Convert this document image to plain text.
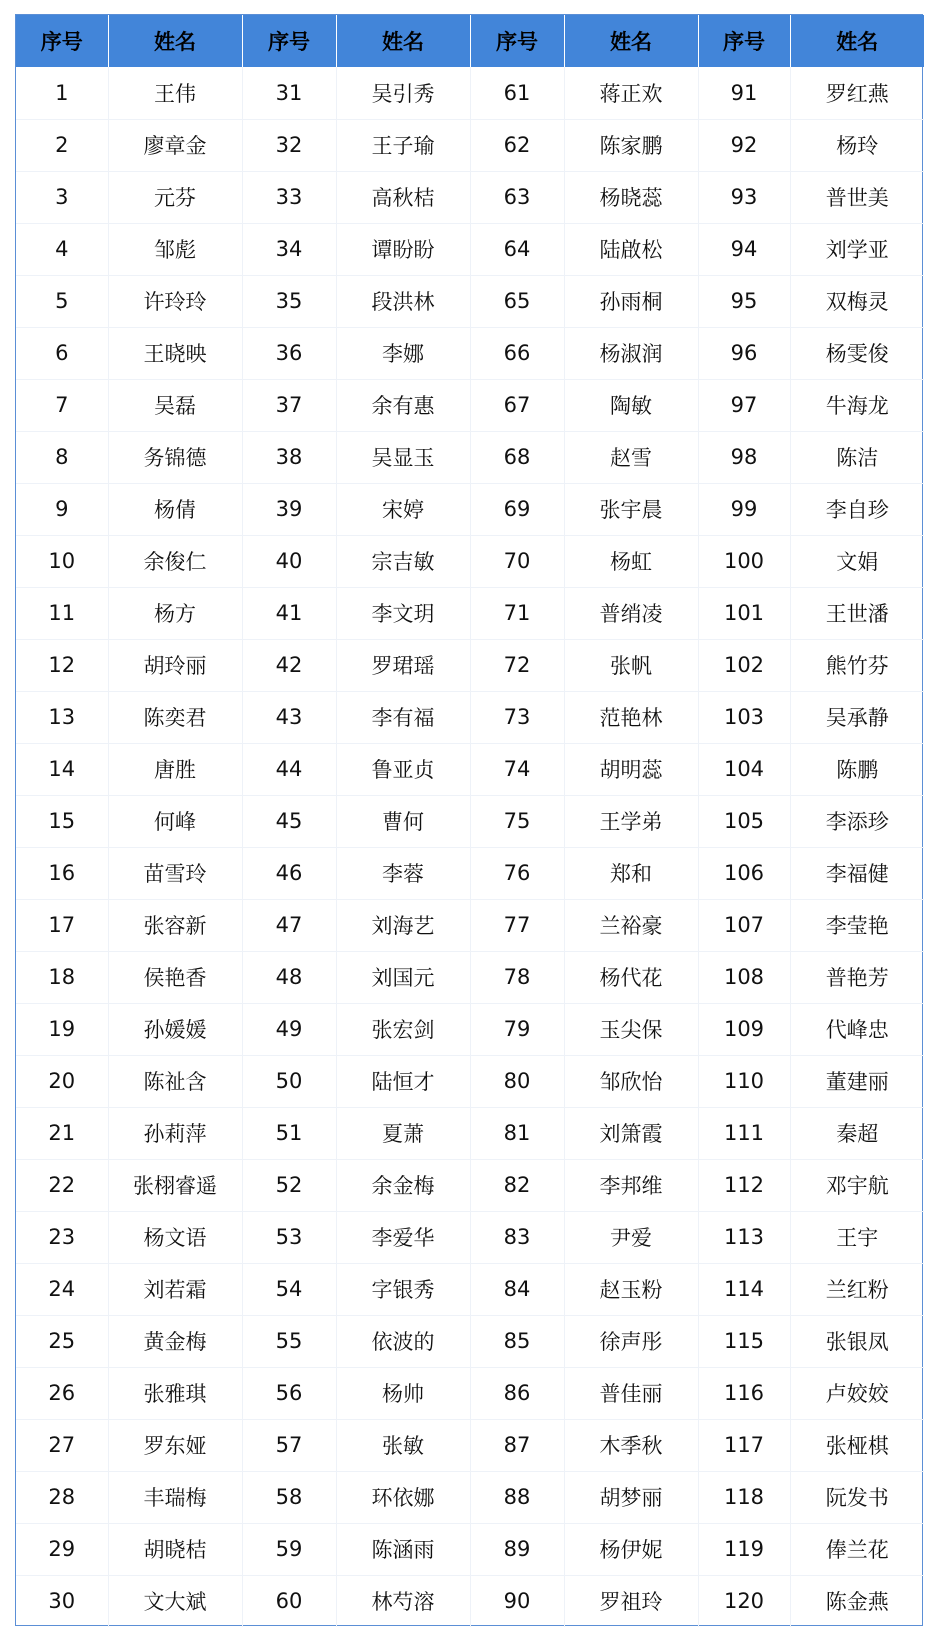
序号	姓名	序号	姓名	序号	姓名	序号	姓名
1	王伟	31	吴引秀	61	蒋正欢	91	罗红燕
2	廖章金	32	王子瑜	62	陈家鹏	92	杨玲
3	元芬	33	高秋桔	63	杨晓蕊	93	普世美
4	邹彪	34	谭盼盼	64	陆啟松	94	刘学亚
5	许玲玲	35	段洪林	65	孙雨桐	95	双梅灵
6	王晓映	36	李娜	66	杨淑润	96	杨雯俊
7	吴磊	37	余有惠	67	陶敏	97	牛海龙
8	务锦德	38	吴显玉	68	赵雪	98	陈洁
9	杨倩	39	宋婷	69	张宇晨	99	李自珍
10	余俊仁	40	宗吉敏	70	杨虹	100	文娟
11	杨方	41	李文玥	71	普绡凌	101	王世潘
12	胡玲丽	42	罗珺瑶	72	张帆	102	熊竹芬
13	陈奕君	43	李有福	73	范艳林	103	吴承静
14	唐胜	44	鲁亚贞	74	胡明蕊	104	陈鹏
15	何峰	45	曹何	75	王学弟	105	李添珍
16	苗雪玲	46	李蓉	76	郑和	106	李福健
17	张容新	47	刘海艺	77	兰裕豪	107	李莹艳
18	侯艳香	48	刘国元	78	杨代花	108	普艳芳
19	孙媛媛	49	张宏剑	79	玉尖保	109	代峰忠
20	陈祉含	50	陆恒才	80	邹欣怡	110	董建丽
21	孙莉萍	51	夏萧	81	刘箫霞	111	秦超
22	张栩睿遥	52	余金梅	82	李邦维	112	邓宇航
23	杨文语	53	李爱华	83	尹爱	113	王宇
24	刘若霜	54	字银秀	84	赵玉粉	114	兰红粉
25	黄金梅	55	依波的	85	徐声彤	115	张银凤
26	张雅琪	56	杨帅	86	普佳丽	116	卢姣姣
27	罗东娅	57	张敏	87	木季秋	117	张桠棋
28	丰瑞梅	58	环依娜	88	胡梦丽	118	阮发书
29	胡晓桔	59	陈涵雨	89	杨伊妮	119	俸兰花
30	文大斌	60	林芍溶	90	罗祖玲	120	陈金燕
